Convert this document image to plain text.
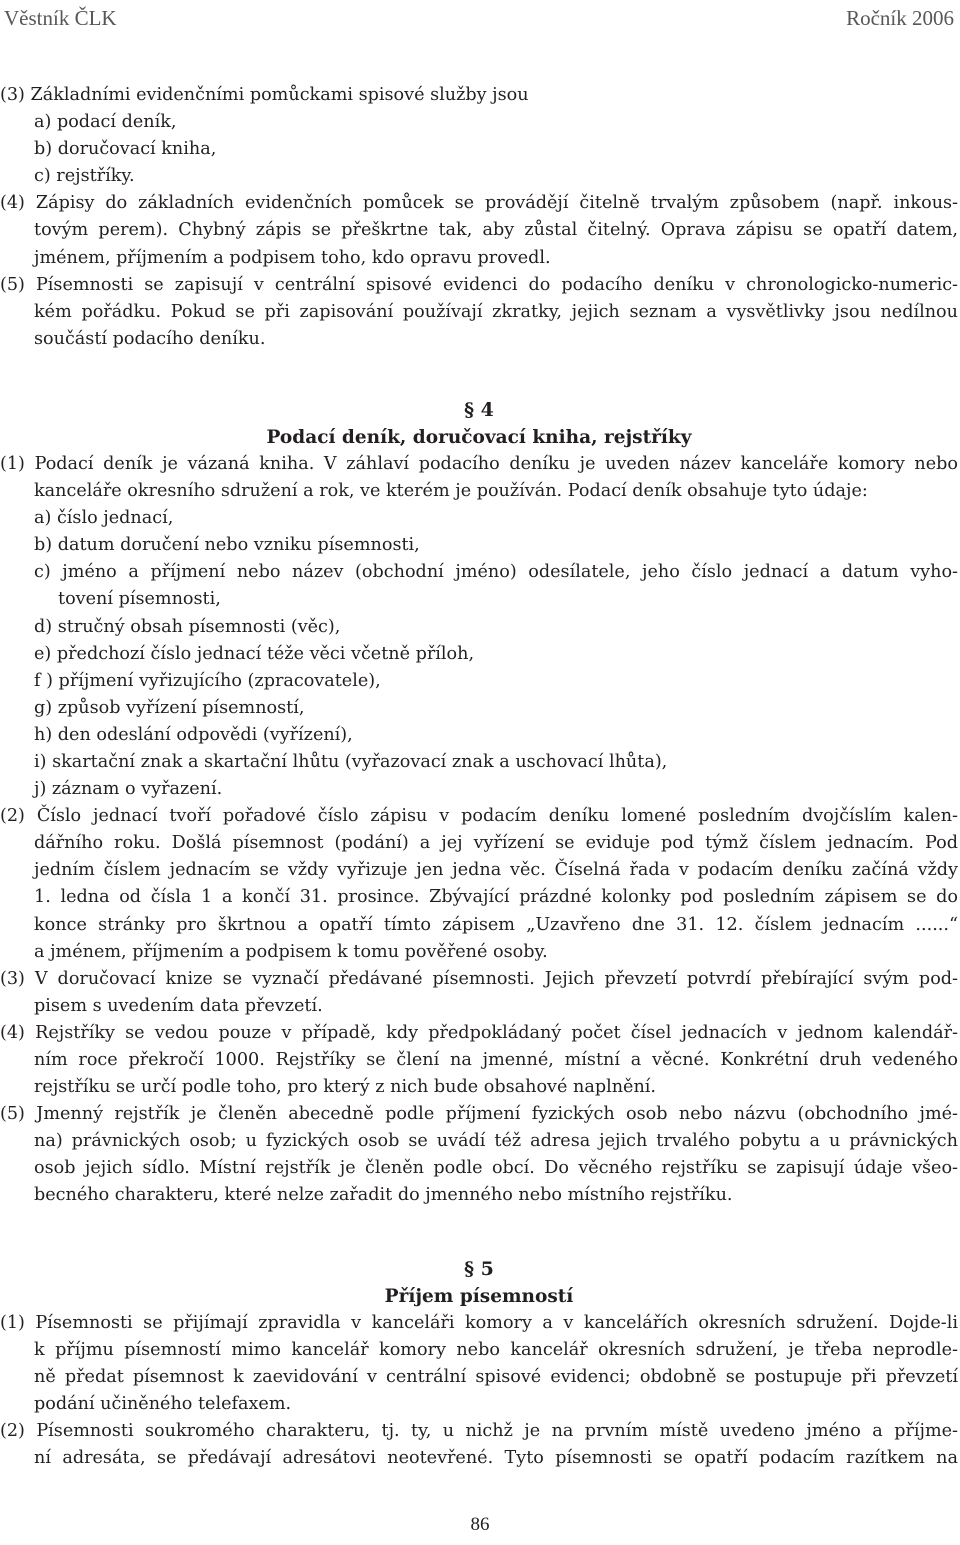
Věstník ČLK	Ročník 2006
(3) Základními evidenčními pomůckami spisové služby jsou
a) podací deník,
b) doručovací kniha,
c) rejstříky.
(4) Zápisy do základních evidenčních pomůcek se provádějí čitelně trvalým způsobem (např. inkous-
tovým perem). Chybný zápis se přeškrtne tak, aby zůstal čitelný. Oprava zápisu se opatří datem,
jménem, příjmením a podpisem toho, kdo opravu provedl.
(5) Písemnosti se zapisují v centrální spisové evidenci do podacího deníku v chronologicko-numeric-
kém pořádku. Pokud se při zapisování používají zkratky, jejich seznam a vysvětlivky jsou nedílnou
součástí podacího deníku.
§ 4
Podací deník, doručovací kniha, rejstříky
(1) Podací deník je vázaná kniha. V záhlaví podacího deníku je uveden název kanceláře komory nebo
kanceláře okresního sdružení a rok, ve kterém je používán. Podací deník obsahuje tyto údaje:
a) číslo jednací,
b) datum doručení nebo vzniku písemnosti,
c) jméno a příjmení nebo název (obchodní jméno) odesílatele, jeho číslo jednací a datum vyho-
tovení písemnosti,
d) stručný obsah písemnosti (věc),
e) předchozí číslo jednací téže věci včetně příloh,
f ) příjmení vyřizujícího (zpracovatele),
g) způsob vyřízení písemností,
h) den odeslání odpovědi (vyřízení),
i) skartační znak a skartační lhůtu (vyřazovací znak a uschovací lhůta),
j) záznam o vyřazení.
(2) Číslo jednací tvoří pořadové číslo zápisu v podacím deníku lomené posledním dvojčíslím kalen-
dářního roku. Došlá písemnost (podání) a jej vyřízení se eviduje pod týmž číslem jednacím. Pod
jedním číslem jednacím se vždy vyřizuje jen jedna věc. Číselná řada v podacím deníku začíná vždy
1. ledna od čísla 1 a končí 31. prosince. Zbývající prázdné kolonky pod posledním zápisem se do
konce stránky pro škrtnou a opatří tímto zápisem „Uzavřeno dne 31. 12. číslem jednacím ......“
a jménem, příjmením a podpisem k tomu pověřené osoby.
(3) V doručovací knize se vyznačí předávané písemnosti. Jejich převzetí potvrdí přebírající svým pod-
pisem s uvedením data převzetí.
(4) Rejstříky se vedou pouze v případě, kdy předpokládaný počet čísel jednacích v jednom kalendář-
ním roce překročí 1000. Rejstříky se člení na jmenné, místní a věcné. Konkrétní druh vedeného
rejstříku se určí podle toho, pro který z nich bude obsahové naplnění.
(5) Jmenný rejstřík je členěn abecedně podle příjmení fyzických osob nebo názvu (obchodního jmé-
na) právnických osob; u fyzických osob se uvádí též adresa jejich trvalého pobytu a u právnických
osob jejich sídlo. Místní rejstřík je členěn podle obcí. Do věcného rejstříku se zapisují údaje všeo-
becného charakteru, které nelze zařadit do jmenného nebo místního rejstříku.
§ 5
Příjem písemností
(1) Písemnosti se přijímají zpravidla v kanceláři komory a v kancelářích okresních sdružení. Dojde-li
k příjmu písemností mimo kancelář komory nebo kancelář okresních sdružení, je třeba neprodle-
ně předat písemnost k zaevidování v centrální spisové evidenci; obdobně se postupuje při převzetí
podání učiněného telefaxem.
(2) Písemnosti soukromého charakteru, tj. ty, u nichž je na prvním místě uvedeno jméno a příjme-
ní adresáta, se předávají adresátovi neotevřené. Tyto písemnosti se opatří podacím razítkem na
86
